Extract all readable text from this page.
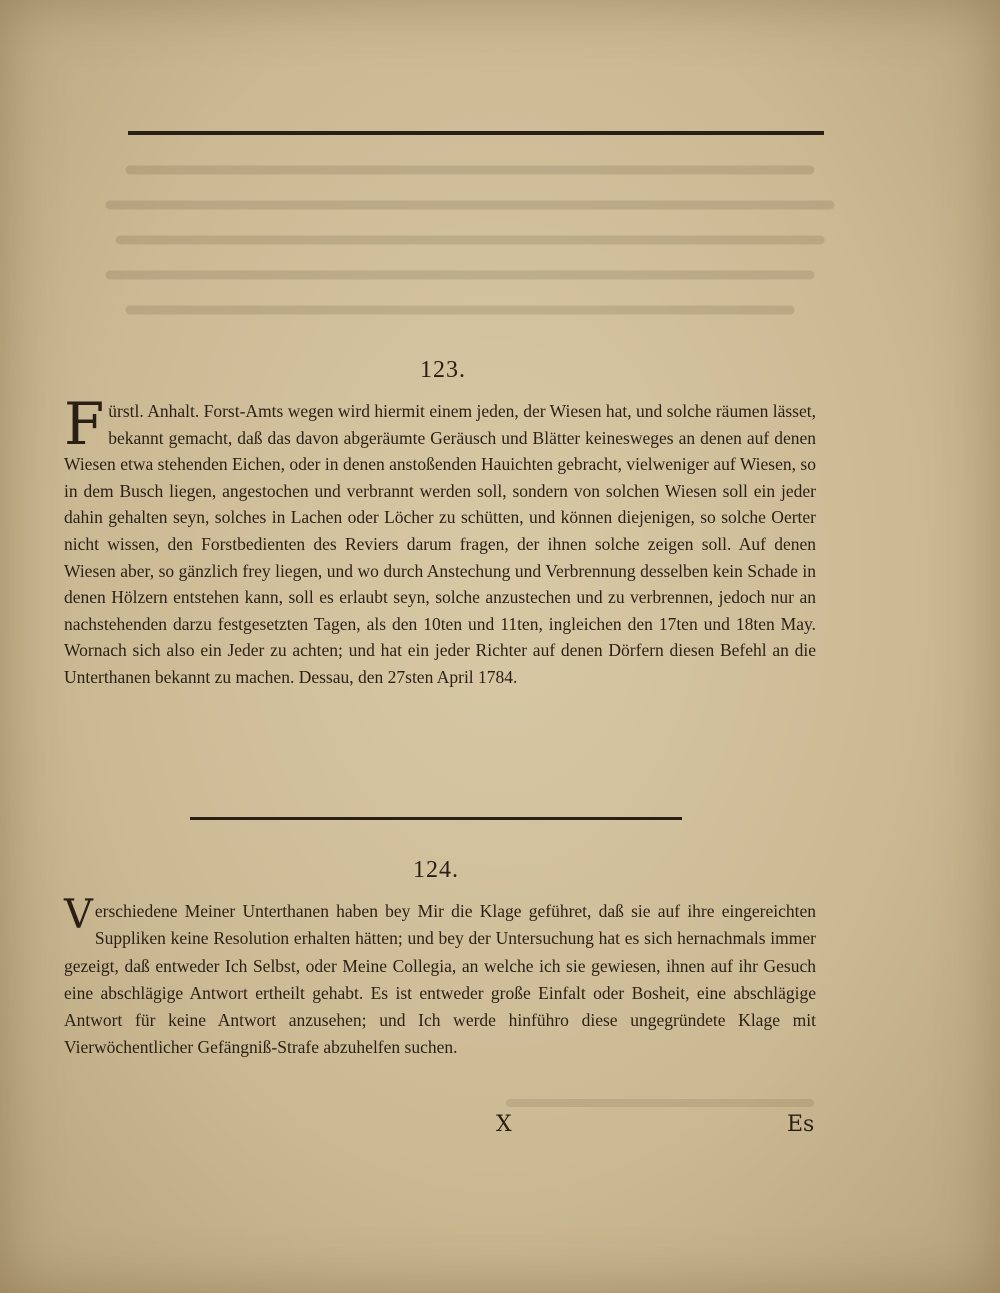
123.
F ürstl. Anhalt. Forst-Amts wegen wird hiermit einem jeden, der Wiesen hat, und solche räumen lässet, bekannt gemacht, daß das davon abgeräumte Geräusch und Blätter keinesweges an denen auf denen Wiesen etwa stehenden Eichen, oder in denen anstoßenden Hauichten gebracht, vielweniger auf Wiesen, so in dem Busch liegen, angestochen und verbrannt werden soll, sondern von solchen Wiesen soll ein jeder dahin gehalten seyn, solches in Lachen oder Löcher zu schütten, und können diejenigen, so solche Oerter nicht wissen, den Forstbedienten des Reviers darum fragen, der ihnen solche zeigen soll. Auf denen Wiesen aber, so gänzlich frey liegen, und wo durch Anstechung und Verbrennung desselben kein Schade in denen Hölzern entstehen kann, soll es erlaubt seyn, solche anzustechen und zu verbrennen, jedoch nur an nachstehenden darzu festgesetzten Tagen, als den 10ten und 11ten, ingleichen den 17ten und 18ten May. Wornach sich also ein Jeder zu achten; und hat ein jeder Richter auf denen Dörfern diesen Befehl an die Unterthanen bekannt zu machen. Dessau, den 27sten April 1784.
124.
V erschiedene Meiner Unterthanen haben bey Mir die Klage geführet, daß sie auf ihre eingereichten Suppliken keine Resolution erhalten hätten; und bey der Untersuchung hat es sich hernachmals immer gezeigt, daß entweder Ich Selbst, oder Meine Collegia, an welche ich sie gewiesen, ihnen auf ihr Gesuch eine abschlägige Antwort ertheilt gehabt. Es ist entweder große Einfalt oder Bosheit, eine abschlägige Antwort für keine Antwort anzusehen; und Ich werde hinführo diese ungegründete Klage mit Vierwöchentlicher Gefängniß-Strafe abzuhelfen suchen.
X	Es
